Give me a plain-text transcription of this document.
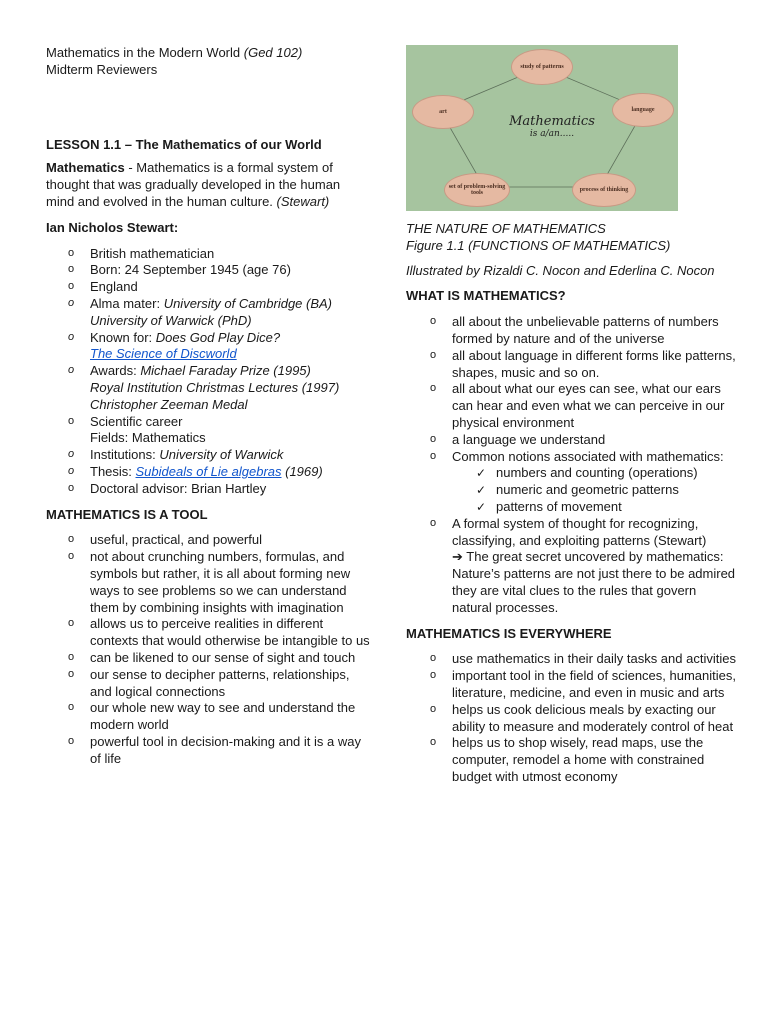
Mathematics in the Modern World (Ged 102)

Midterm Reviewers

LESSON 1.1 – The Mathematics of our World

Mathematics - Mathematics is a formal system of thought that was gradually developed in the human mind and evolved in the human culture. (Stewart)

Ian Nicholos Stewart:

o British mathematician
o Born: 24 September 1945 (age 76)
o England
o Alma mater: University of Cambridge (BA)
University of Warwick (PhD)
o Known for: Does God Play Dice?
The Science of Discworld
o Awards: Michael Faraday Prize (1995)
Royal Institution Christmas Lectures (1997)
Christopher Zeeman Medal
o Scientific career
Fields: Mathematics
o Institutions: University of Warwick
o Thesis: Subideals of Lie algebras (1969)
o Doctoral advisor: Brian Hartley

MATHEMATICS IS A TOOL

o useful, practical, and powerful
o not about crunching numbers, formulas, and symbols but rather, it is all about forming new ways to see problems so we can understand them by combining insights with imagination
o allows us to perceive realities in different contexts that would otherwise be intangible to us
o can be likened to our sense of sight and touch
o our sense to decipher patterns, relationships, and logical connections
o our whole new way to see and understand the modern world
o powerful tool in decision-making and it is a way of life
study of patterns
art	language
set of problem-solving tools	process of thinking
Mathematics
is a/an.....

THE NATURE OF MATHEMATICS

Figure 1.1 (FUNCTIONS OF MATHEMATICS)

Illustrated by Rizaldi C. Nocon and Ederlina C. Nocon

WHAT IS MATHEMATICS?

o all about the unbelievable patterns of numbers formed by nature and of the universe
o all about language in different forms like patterns, shapes, music and so on.
o all about what our eyes can see, what our ears can hear and even what we can perceive in our physical environment
o a language we understand
o Common notions associated with mathematics:
✓ numbers and counting (operations)
✓ numeric and geometric patterns
✓ patterns of movement
o A formal system of thought for recognizing, classifying, and exploiting patterns (Stewart)
➔ The great secret uncovered by mathematics: Nature’s patterns are not just there to be admired they are vital clues to the rules that govern natural processes.

MATHEMATICS IS EVERYWHERE

o use mathematics in their daily tasks and activities
o important tool in the field of sciences, humanities, literature, medicine, and even in music and arts
o helps us cook delicious meals by exacting our ability to measure and moderately control of heat
o helps us to shop wisely, read maps, use the computer, remodel a home with constrained budget with utmost economy
